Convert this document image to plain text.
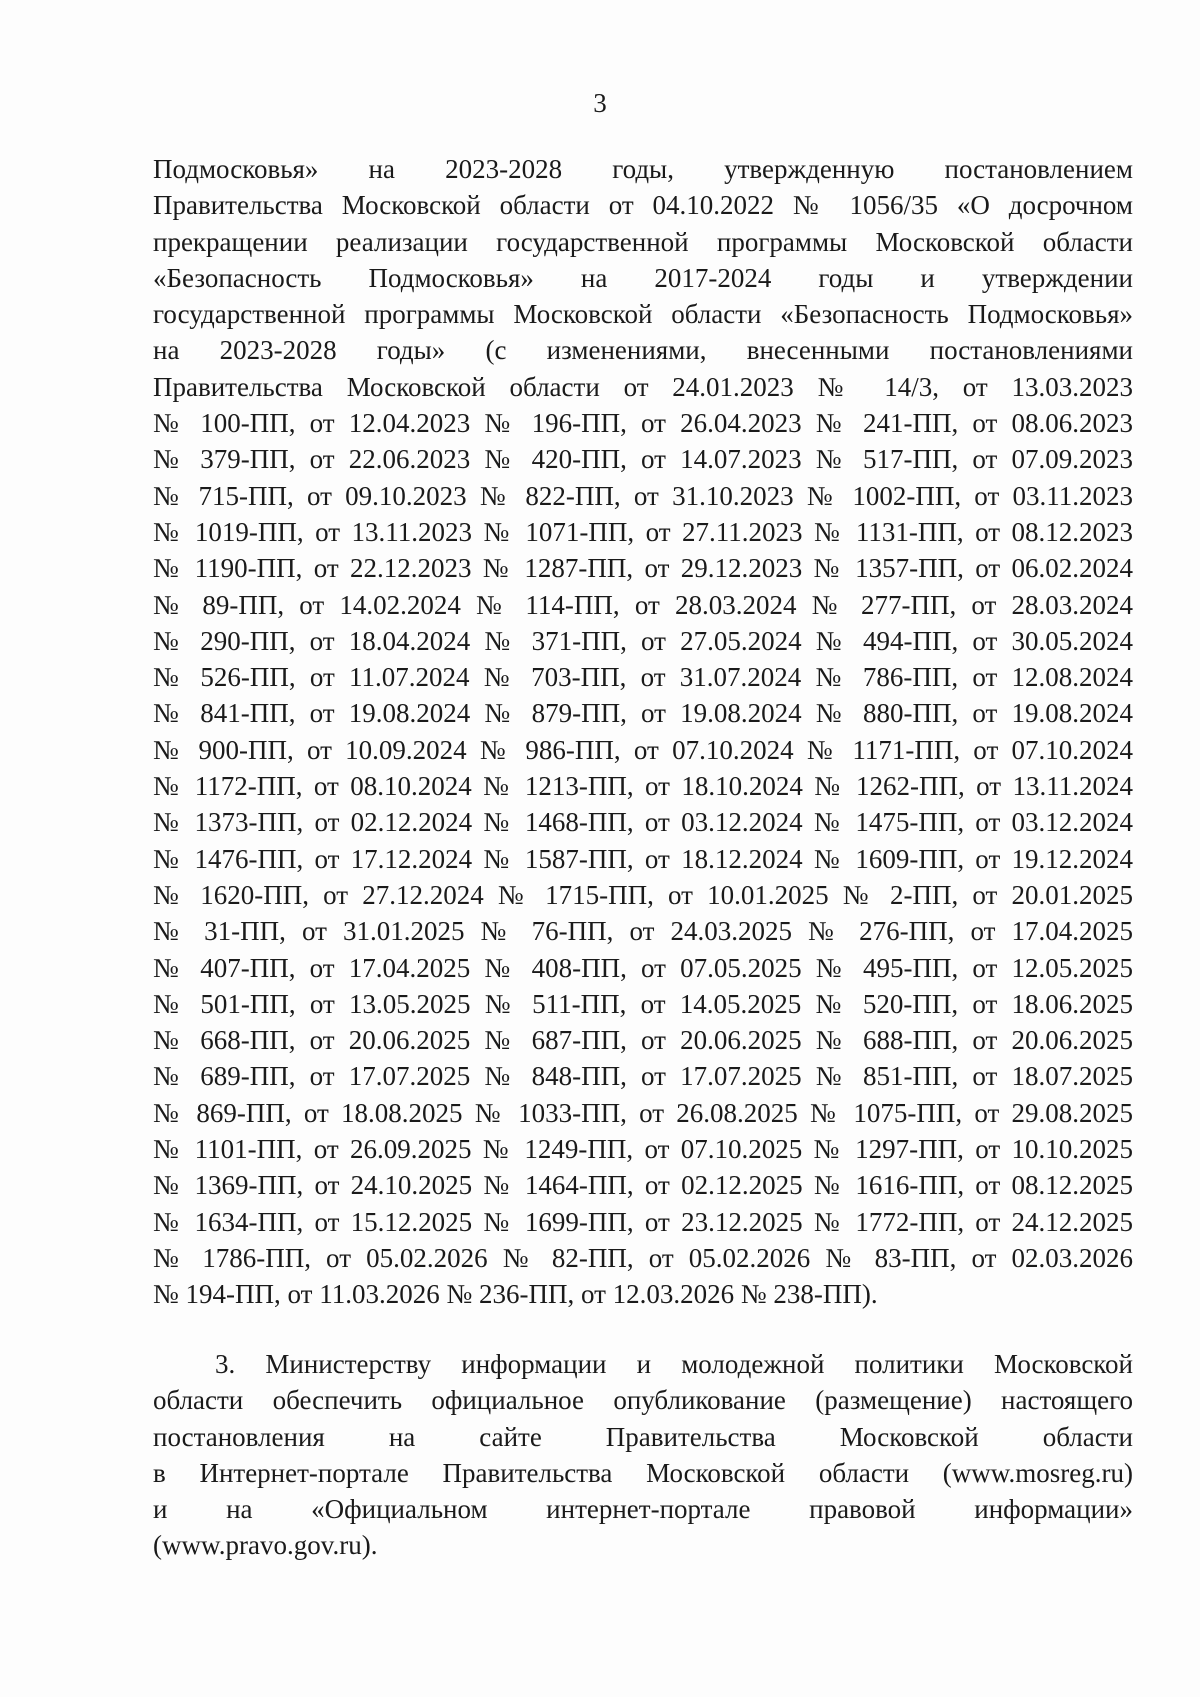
3
Подмосковья» на 2023-2028 годы, утвержденную постановлением
Правительства Московской области от 04.10.2022 № 1056/35 «О досрочном
прекращении реализации государственной программы Московской области
«Безопасность Подмосковья» на 2017-2024 годы и утверждении
государственной программы Московской области «Безопасность Подмосковья»
на 2023-2028 годы» (с изменениями, внесенными постановлениями
Правительства Московской области от 24.01.2023 № 14/3, от 13.03.2023
№ 100-ПП, от 12.04.2023 № 196-ПП, от 26.04.2023 № 241-ПП, от 08.06.2023
№ 379-ПП, от 22.06.2023 № 420-ПП, от 14.07.2023 № 517-ПП, от 07.09.2023
№ 715-ПП, от 09.10.2023 № 822-ПП, от 31.10.2023 № 1002-ПП, от 03.11.2023
№ 1019-ПП, от 13.11.2023 № 1071-ПП, от 27.11.2023 № 1131-ПП, от 08.12.2023
№ 1190-ПП, от 22.12.2023 № 1287-ПП, от 29.12.2023 № 1357-ПП, от 06.02.2024
№ 89-ПП, от 14.02.2024 № 114-ПП, от 28.03.2024 № 277-ПП, от 28.03.2024
№ 290-ПП, от 18.04.2024 № 371-ПП, от 27.05.2024 № 494-ПП, от 30.05.2024
№ 526-ПП, от 11.07.2024 № 703-ПП, от 31.07.2024 № 786-ПП, от 12.08.2024
№ 841-ПП, от 19.08.2024 № 879-ПП, от 19.08.2024 № 880-ПП, от 19.08.2024
№ 900-ПП, от 10.09.2024 № 986-ПП, от 07.10.2024 № 1171-ПП, от 07.10.2024
№ 1172-ПП, от 08.10.2024 № 1213-ПП, от 18.10.2024 № 1262-ПП, от 13.11.2024
№ 1373-ПП, от 02.12.2024 № 1468-ПП, от 03.12.2024 № 1475-ПП, от 03.12.2024
№ 1476-ПП, от 17.12.2024 № 1587-ПП, от 18.12.2024 № 1609-ПП, от 19.12.2024
№ 1620-ПП, от 27.12.2024 № 1715-ПП, от 10.01.2025 № 2-ПП, от 20.01.2025
№ 31-ПП, от 31.01.2025 № 76-ПП, от 24.03.2025 № 276-ПП, от 17.04.2025
№ 407-ПП, от 17.04.2025 № 408-ПП, от 07.05.2025 № 495-ПП, от 12.05.2025
№ 501-ПП, от 13.05.2025 № 511-ПП, от 14.05.2025 № 520-ПП, от 18.06.2025
№ 668-ПП, от 20.06.2025 № 687-ПП, от 20.06.2025 № 688-ПП, от 20.06.2025
№ 689-ПП, от 17.07.2025 № 848-ПП, от 17.07.2025 № 851-ПП, от 18.07.2025
№ 869-ПП, от 18.08.2025 № 1033-ПП, от 26.08.2025 № 1075-ПП, от 29.08.2025
№ 1101-ПП, от 26.09.2025 № 1249-ПП, от 07.10.2025 № 1297-ПП, от 10.10.2025
№ 1369-ПП, от 24.10.2025 № 1464-ПП, от 02.12.2025 № 1616-ПП, от 08.12.2025
№ 1634-ПП, от 15.12.2025 № 1699-ПП, от 23.12.2025 № 1772-ПП, от 24.12.2025
№ 1786-ПП, от 05.02.2026 № 82-ПП, от 05.02.2026 № 83-ПП, от 02.03.2026
№ 194-ПП, от 11.03.2026 № 236-ПП, от 12.03.2026 № 238-ПП).
3. Министерству информации и молодежной политики Московской
области обеспечить официальное опубликование (размещение) настоящего
постановления на сайте Правительства Московской области
в Интернет-портале Правительства Московской области (www.mosreg.ru)
и на «Официальном интернет-портале правовой информации»
(www.pravo.gov.ru).
